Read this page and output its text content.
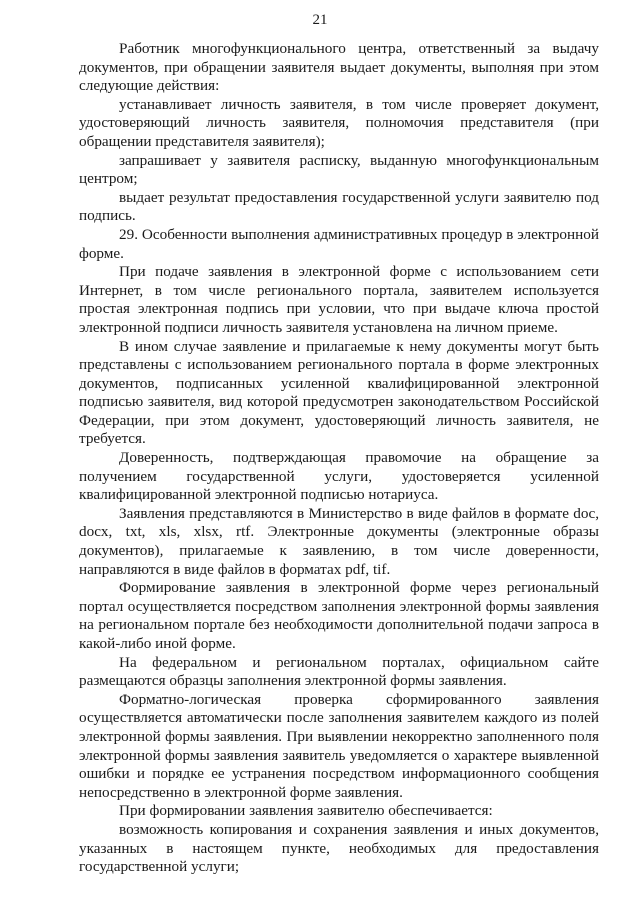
21

Работник многофункционального центра, ответственный за выдачу документов, при обращении заявителя выдает документы, выполняя при этом следующие действия:

устанавливает личность заявителя, в том числе проверяет документ, удостоверяющий личность заявителя, полномочия представителя (при обращении представителя заявителя);

запрашивает у заявителя расписку, выданную многофункциональным центром;

выдает результат предоставления государственной услуги заявителю под подпись.

29. Особенности выполнения административных процедур в электронной форме.

При подаче заявления в электронной форме с использованием сети Интернет, в том числе регионального портала, заявителем используется простая электронная подпись при условии, что при выдаче ключа простой электронной подписи личность заявителя установлена на личном приеме.

В ином случае заявление и прилагаемые к нему документы могут быть представлены с использованием регионального портала в форме электронных документов, подписанных усиленной квалифицированной электронной подписью заявителя, вид которой предусмотрен законодательством Российской Федерации, при этом документ, удостоверяющий личность заявителя, не требуется.

Доверенность, подтверждающая правомочие на обращение за получением государственной услуги, удостоверяется усиленной квалифицированной электронной подписью нотариуса.

Заявления представляются в Министерство в виде файлов в формате doc, docx, txt, xls, xlsx, rtf. Электронные документы (электронные образы документов), прилагаемые к заявлению, в том числе доверенности, направляются в виде файлов в форматах pdf, tif.

Формирование заявления в электронной форме через региональный портал осуществляется посредством заполнения электронной формы заявления на региональном портале без необходимости дополнительной подачи запроса в какой-либо иной форме.

На федеральном и региональном порталах, официальном сайте размещаются образцы заполнения электронной формы заявления.

Форматно-логическая проверка сформированного заявления осуществляется автоматически после заполнения заявителем каждого из полей электронной формы заявления. При выявлении некорректно заполненного поля электронной формы заявления заявитель уведомляется о характере выявленной ошибки и порядке ее устранения посредством информационного сообщения непосредственно в электронной форме заявления.

При формировании заявления заявителю обеспечивается:

возможность копирования и сохранения заявления и иных документов, указанных в настоящем пункте, необходимых для предоставления государственной услуги;
